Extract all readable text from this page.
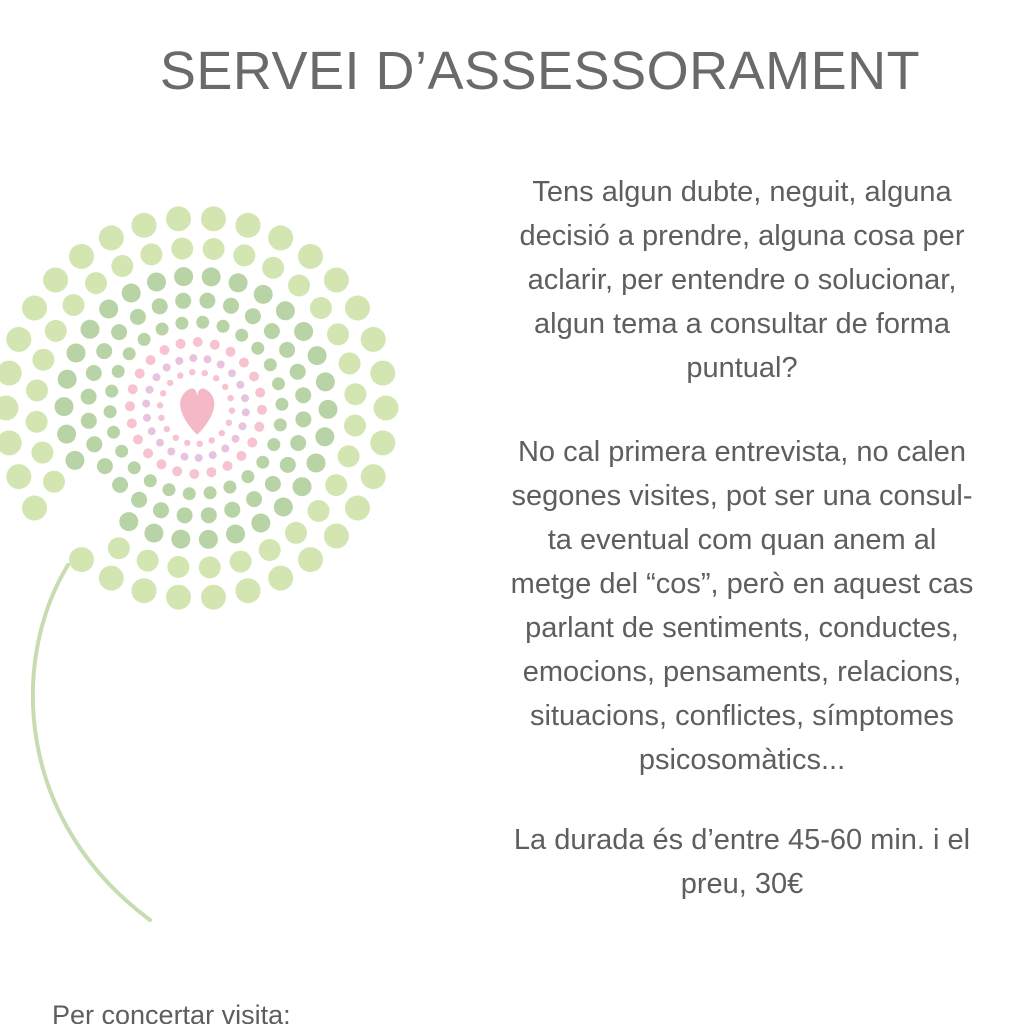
SERVEI D’ASSESSORAMENT

Tens algun dubte, neguit, alguna

decisió a prendre, alguna cosa per

aclarir, per entendre o solucionar,

algun tema a consultar de forma

puntual?

No cal primera entrevista, no calen

segones visites, pot ser una consul-

ta eventual com quan anem al

metge del “cos”, però en aquest cas

parlant de sentiments, conductes,

emocions, pensaments, relacions,

situacions, conflictes, símptomes

psicosomàtics...

La durada és d’entre 45-60 min. i el

preu, 30€

Per concertar visita:
